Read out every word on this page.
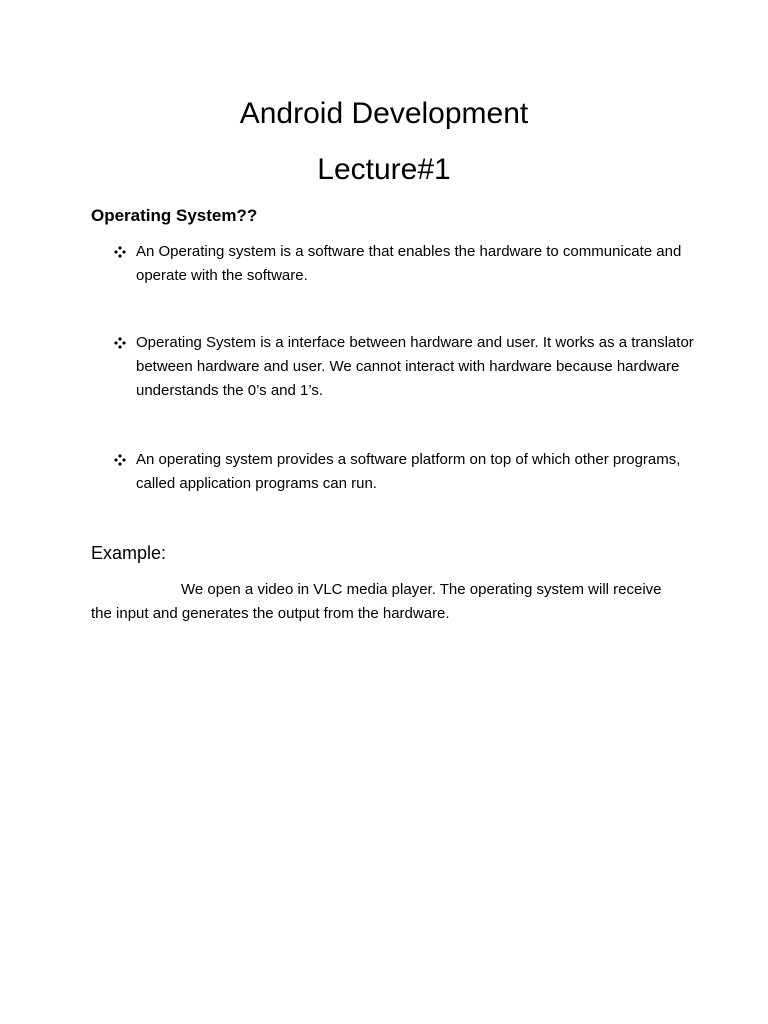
Android Development
Lecture#1
Operating System??

An Operating system is a software that enables the hardware to communicate and operate with the software.

Operating System is a interface between hardware and user. It works as a translator between hardware and user. We cannot interact with hardware because hardware understands the 0’s and 1’s.

An operating system provides a software platform on top of which other programs, called application programs can run.

Example:

We open a video in VLC media player. The operating system will receive the input and generates the output from the hardware.
